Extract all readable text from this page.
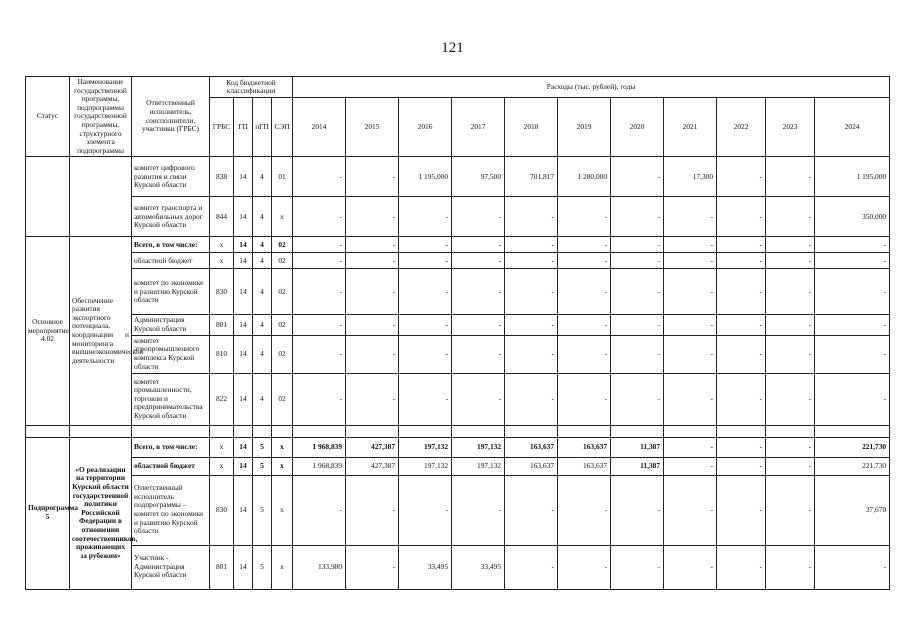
121
Статус	Наименование государственной программы, подпрограммы государственной программы, структурного элемента подпрограммы	Ответственный исполнитель, соисполнители, участники (ГРБС)	Код бюджетной классификации				Расходы (тыс. рублей), годы										
			ГРБС	ГП	пГП	СЭП	2014	2015	2016	2017	2018	2019	2020	2021	2022	2023	2024
		комитет цифрового развития и связи Курской области	838	14	4	01	-	-	1 195,000	97,500	701,817	1 280,000	-	17,300	-	-	1 195,000
		комитет транспорта и автомобильных дорог Курской области	844	14	4	х	-	-	-	-	-	-	-	-	-	-	350,000
Основное мероприятие 4.02	Обеспечение развития экспортного потенциала, координации и мониторинга внешнеэкономической деятельности	Всего, в том числе:	х	14	4	02	-	-	-	-	-	-	-	-	-	-	-
		областной бюджет	х	14	4	02	-	-	-	-	-	-	-	-	-	-	-
		комитет по экономике и развитию Курской области	830	14	4	02	-	-	-	-	-	-	-	-	-	-	-
		Администрация Курской области	801	14	4	02	-	-	-	-	-	-	-	-	-	-	-
		комитет агропромышленного комплекса Курской области	810	14	4	02	-	-	-	-	-	-	-	-	-	-	-
		комитет промышленности, торговли и предпринимательства Курской области	822	14	4	02	-	-	-	-	-	-	-	-	-	-	-

Подпрограмма 5	«О реализации на территории Курской области государственной политики Российской Федерации в отношении соотечественников, проживающих за рубежом»	Всего, в том числе:	х	14	5	х	1 968,839	427,387	197,132	197,132	163,637	163,637	11,387	-	-	-	221,730
		областной бюджет	х	14	5	х	1 968,839	427,387	197,132	197,132	163,637	163,637	11,387	-	-	-	221,730
		Ответственный исполнитель подпрограммы – комитет по экономике и развитию Курской области	830	14	5	х	-	-	-	-	-	-	-	-	-	-	37,670
		Участник - Администрация Курской области	801	14	5	х	133,980	-	33,495	33,495	-	-	-	-	-	-	-
